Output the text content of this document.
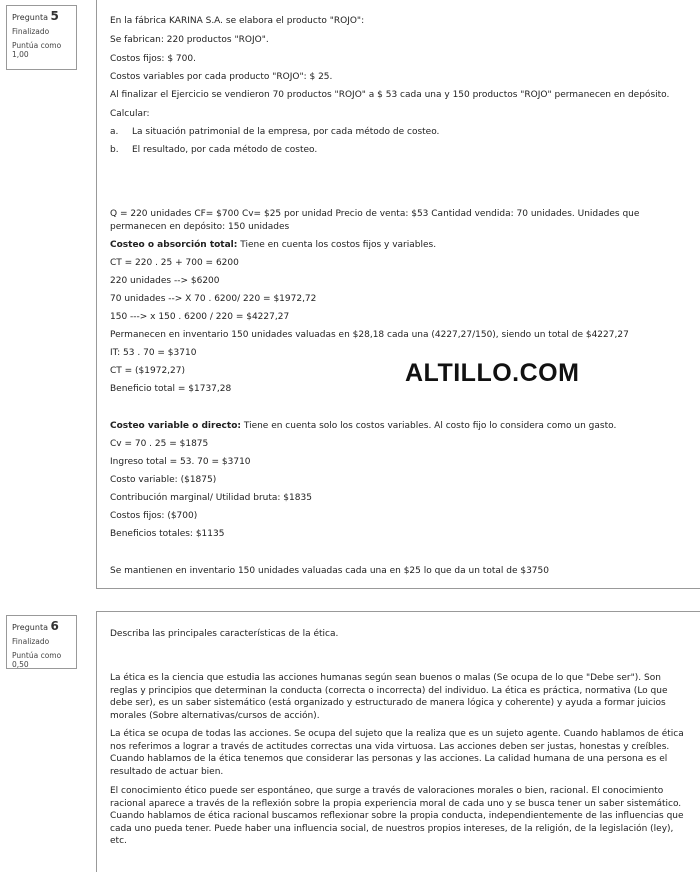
Pregunta 5
Finalizado
Puntúa como
1,00
En la fábrica KARINA S.A. se elabora el producto "ROJO":
Se fabrican: 220 productos "ROJO".
Costos fijos: $ 700.
Costos variables por cada producto "ROJO": $ 25.
Al finalizar el Ejercicio se vendieron 70 productos "ROJO" a $ 53 cada una y 150 productos "ROJO" permanecen en depósito.
Calcular:
a. La situación patrimonial de la empresa, por cada método de costeo.
b. El resultado, por cada método de costeo.
Q = 220 unidades CF= $700 Cv= $25 por unidad Precio de venta: $53 Cantidad vendida: 70 unidades. Unidades que permanecen en depósito: 150 unidades
Costeo o absorción total: Tiene en cuenta los costos fijos y variables.
CT = 220 . 25 + 700 = 6200
220 unidades --> $6200
70 unidades --> X 70 . 6200/ 220 = $1972,72
150 ---> x 150 . 6200 / 220 = $4227,27
Permanecen en inventario 150 unidades valuadas en $28,18 cada una (4227,27/150), siendo un total de $4227,27
IT: 53 . 70 = $3710
CT = ($1972,27)
Beneficio total = $1737,28
Costeo variable o directo: Tiene en cuenta solo los costos variables. Al costo fijo lo considera como un gasto.
Cv = 70 . 25 = $1875
Ingreso total = 53. 70 = $3710
Costo variable: ($1875)
Contribución marginal/ Utilidad bruta: $1835
Costos fijos: ($700)
Beneficios totales: $1135
Se mantienen en inventario 150 unidades valuadas cada una en $25 lo que da un total de $3750
ALTILLO.COM
Pregunta 6
Finalizado
Puntúa como
0,50
Describa las principales características de la ética.
La ética es la ciencia que estudia las acciones humanas según sean buenos o malas (Se ocupa de lo que "Debe ser"). Son reglas y principios que determinan la conducta (correcta o incorrecta) del individuo. La ética es práctica, normativa (Lo que debe ser), es un saber sistemático (está organizado y estructurado de manera lógica y coherente) y ayuda a formar juicios morales (Sobre alternativas/cursos de acción).
La ética se ocupa de todas las acciones. Se ocupa del sujeto que la realiza que es un sujeto agente. Cuando hablamos de ética nos referimos a lograr a través de actitudes correctas una vida virtuosa. Las acciones deben ser justas, honestas y creíbles. Cuando hablamos de la ética tenemos que considerar las personas y las acciones. La calidad humana de una persona es el resultado de actuar bien.
El conocimiento ético puede ser espontáneo, que surge a través de valoraciones morales o bien, racional. El conocimiento racional aparece a través de la reflexión sobre la propia experiencia moral de cada uno y se busca tener un saber sistemático. Cuando hablamos de ética racional buscamos reflexionar sobre la propia conducta, independientemente de las influencias que cada uno pueda tener. Puede haber una influencia social, de nuestros propios intereses, de la religión, de la legislación (ley), etc.
